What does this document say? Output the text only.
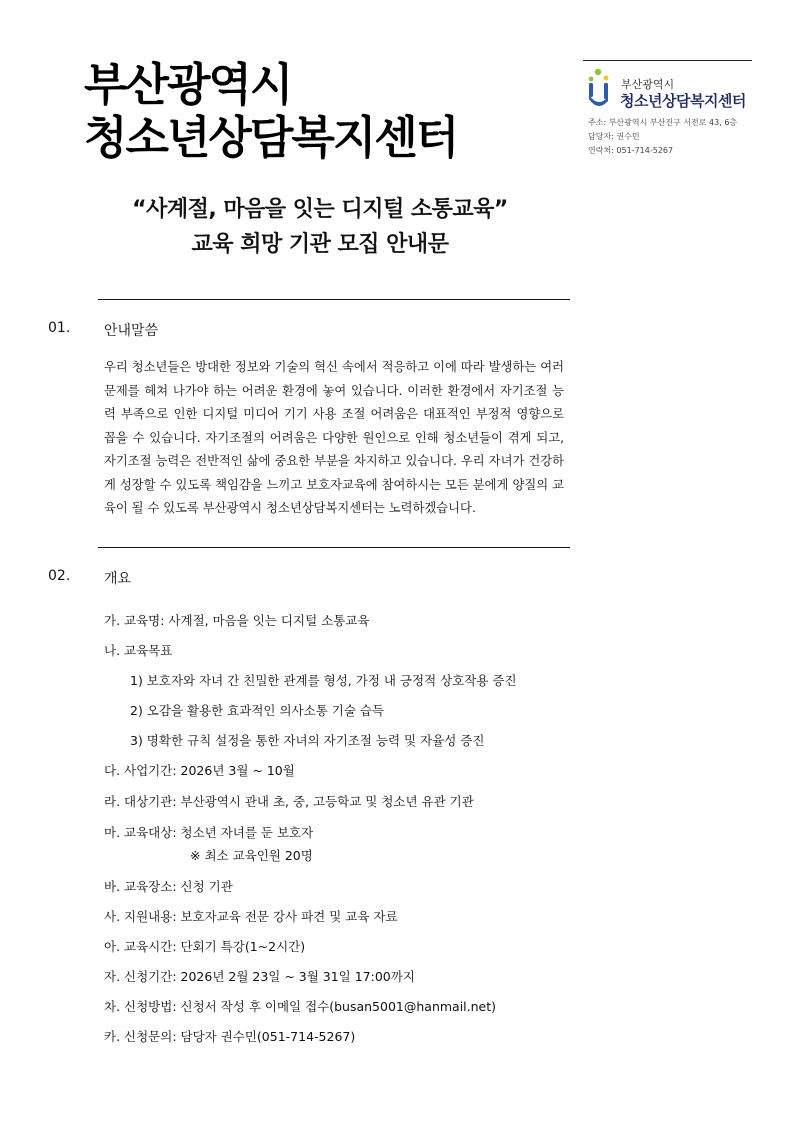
부산광역시
청소년상담복지센터
부산광역시
청소년상담복지센터
주소: 부산광역시 부산진구 서전로 43, 6층
담당자: 권수민
연락처: 051-714-5267
“사계절, 마음을 잇는 디지털 소통교육”
교육 희망 기관 모집 안내문
01. 안내말씀
우리 청소년들은 방대한 정보와 기술의 혁신 속에서 적응하고 이에 따라 발생하는 여러 문제를 헤쳐 나가야 하는 어려운 환경에 놓여 있습니다. 이러한 환경에서 자기조절 능력 부족으로 인한 디지털 미디어 기기 사용 조절 어려움은 대표적인 부정적 영향으로 꼽을 수 있습니다. 자기조절의 어려움은 다양한 원인으로 인해 청소년들이 겪게 되고, 자기조절 능력은 전반적인 삶에 중요한 부분을 차지하고 있습니다. 우리 자녀가 건강하게 성장할 수 있도록 책임감을 느끼고 보호자교육에 참여하시는 모든 분에게 양질의 교육이 될 수 있도록 부산광역시 청소년상담복지센터는 노력하겠습니다.
02. 개요
가. 교육명: 사계절, 마음을 잇는 디지털 소통교육
나. 교육목표
1) 보호자와 자녀 간 친밀한 관계를 형성, 가정 내 긍정적 상호작용 증진
2) 오감을 활용한 효과적인 의사소통 기술 습득
3) 명확한 규칙 설정을 통한 자녀의 자기조절 능력 및 자율성 증진
다. 사업기간: 2026년 3월 ~ 10월
라. 대상기관: 부산광역시 관내 초, 중, 고등학교 및 청소년 유관 기관
마. 교육대상: 청소년 자녀를 둔 보호자
※ 최소 교육인원 20명
바. 교육장소: 신청 기관
사. 지원내용: 보호자교육 전문 강사 파견 및 교육 자료
아. 교육시간: 단회기 특강(1~2시간)
자. 신청기간: 2026년 2월 23일 ~ 3월 31일 17:00까지
차. 신청방법: 신청서 작성 후 이메일 접수(busan5001@hanmail.net)
카. 신청문의: 담당자 권수민(051-714-5267)
